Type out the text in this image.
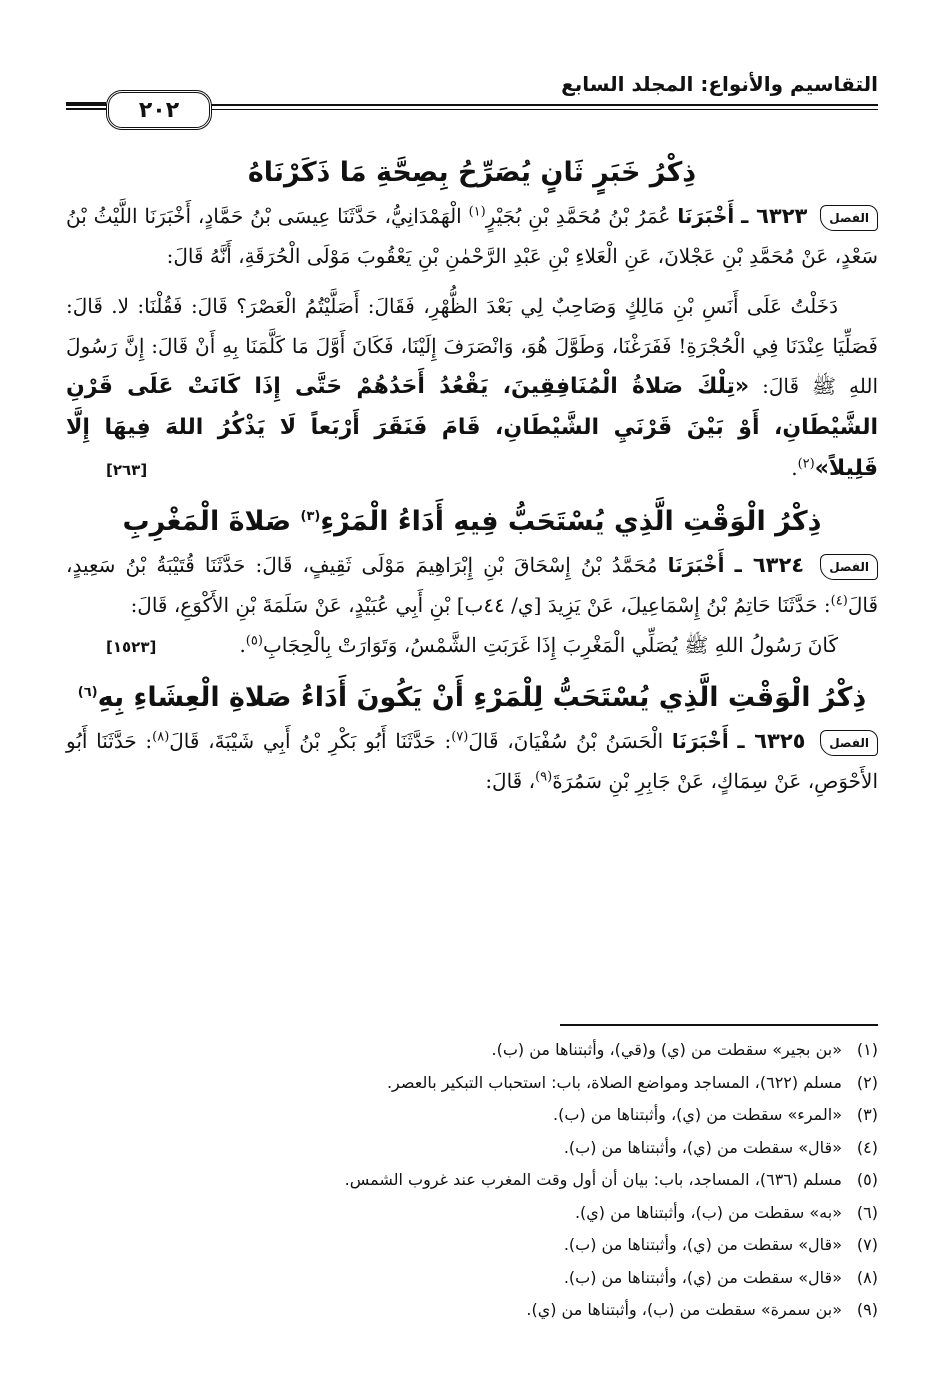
التقاسيم والأنواع: المجلد السابع
٢٠٢
ذِكْرُ خَبَرٍ ثَانٍ يُصَرِّحُ بِصِحَّةِ مَا ذَكَرْنَاهُ

الفصل ٦٣٢٣ ـ أَخْبَرَنَا عُمَرُ بْنُ مُحَمَّدِ بْنِ بُجَيْرٍ$^{(١)}$ الْهَمْدَانِيُّ، حَدَّثَنَا عِيسَى بْنُ حَمَّادٍ، أَخْبَرَنَا اللَّيْثُ بْنُ سَعْدٍ، عَنْ مُحَمَّدِ بْنِ عَجْلانَ، عَنِ الْعَلاءِ بْنِ عَبْدِ الرَّحْمٰنِ بْنِ يَعْقُوبَ مَوْلَى الْحُرَقَةِ، أَنَّهُ قَالَ:

دَخَلْتُ عَلَى أَنَسِ بْنِ مَالِكٍ وَصَاحِبٌ لِي بَعْدَ الظُّهْرِ، فَقَالَ: أَصَلَّيْتُمُ الْعَصْرَ؟ قَالَ: فَقُلْنَا: لا. قَالَ: فَصَلِّيَا عِنْدَنَا فِي الْحُجْرَةِ! فَفَرَغْنَا، وَطَوَّلَ هُوَ، وَانْصَرَفَ إِلَيْنَا، فَكَانَ أَوَّلَ مَا كَلَّمَنَا بِهِ أَنْ قَالَ: إِنَّ رَسُولَ اللهِ ﷺ قَالَ: «تِلْكَ صَلاةُ الْمُنَافِقِينَ، يَقْعُدُ أَحَدُهُمْ حَتَّى إِذَا كَانَتْ عَلَى قَرْنِ الشَّيْطَانِ، أَوْ بَيْنَ قَرْنَيِ الشَّيْطَانِ، قَامَ فَنَقَرَ أَرْبَعاً لَا يَذْكُرُ اللهَ فِيهَا إِلَّا قَلِيلاً»$^{(٢)}$.
[٢٦٣]

ذِكْرُ الْوَقْتِ الَّذِي يُسْتَحَبُّ فِيهِ أَدَاءُ الْمَرْءِ$^{(٣)}$ صَلاةَ الْمَغْرِبِ

الفصل ٦٣٢٤ ـ أَخْبَرَنَا مُحَمَّدُ بْنُ إِسْحَاقَ بْنِ إِبْرَاهِيمَ مَوْلَى ثَقِيفٍ، قَالَ: حَدَّثَنَا قُتَيْبَةُ بْنُ سَعِيدٍ، قَالَ$^{(٤)}$: حَدَّثَنَا حَاتِمُ بْنُ إِسْمَاعِيلَ، عَنْ يَزِيدَ [ي/ ٤٤ب] بْنِ أَبِي عُبَيْدٍ، عَنْ سَلَمَةَ بْنِ الأَكْوَعِ، قَالَ:

كَانَ رَسُولُ اللهِ ﷺ يُصَلِّي الْمَغْرِبَ إِذَا غَرَبَتِ الشَّمْسُ، وَتَوَارَتْ بِالْحِجَابِ$^{(٥)}$.
[١٥٢٣]

ذِكْرُ الْوَقْتِ الَّذِي يُسْتَحَبُّ لِلْمَرْءِ أَنْ يَكُونَ أَدَاءُ صَلاةِ الْعِشَاءِ بِهِ$^{(٦)}$

الفصل ٦٣٢٥ ـ أَخْبَرَنَا الْحَسَنُ بْنُ سُفْيَانَ، قَالَ$^{(٧)}$: حَدَّثَنَا أَبُو بَكْرِ بْنُ أَبِي شَيْبَةَ، قَالَ$^{(٨)}$: حَدَّثَنَا أَبُو الأَحْوَصِ، عَنْ سِمَاكٍ، عَنْ جَابِرِ بْنِ سَمُرَةَ$^{(٩)}$، قَالَ:

(١)«بن بجير» سقطت من (ي) و(قي)، وأثبتناها من (ب).
(٢)مسلم (٦٢٢)، المساجد ومواضع الصلاة، باب: استحباب التبكير بالعصر.
(٣)«المرء» سقطت من (ي)، وأثبتناها من (ب).
(٤)«قال» سقطت من (ي)، وأثبتناها من (ب).
(٥)مسلم (٦٣٦)، المساجد، باب: بيان أن أول وقت المغرب عند غروب الشمس.
(٦)«به» سقطت من (ب)، وأثبتناها من (ي).
(٧)«قال» سقطت من (ي)، وأثبتناها من (ب).
(٨)«قال» سقطت من (ي)، وأثبتناها من (ب).
(٩)«بن سمرة» سقطت من (ب)، وأثبتناها من (ي).
